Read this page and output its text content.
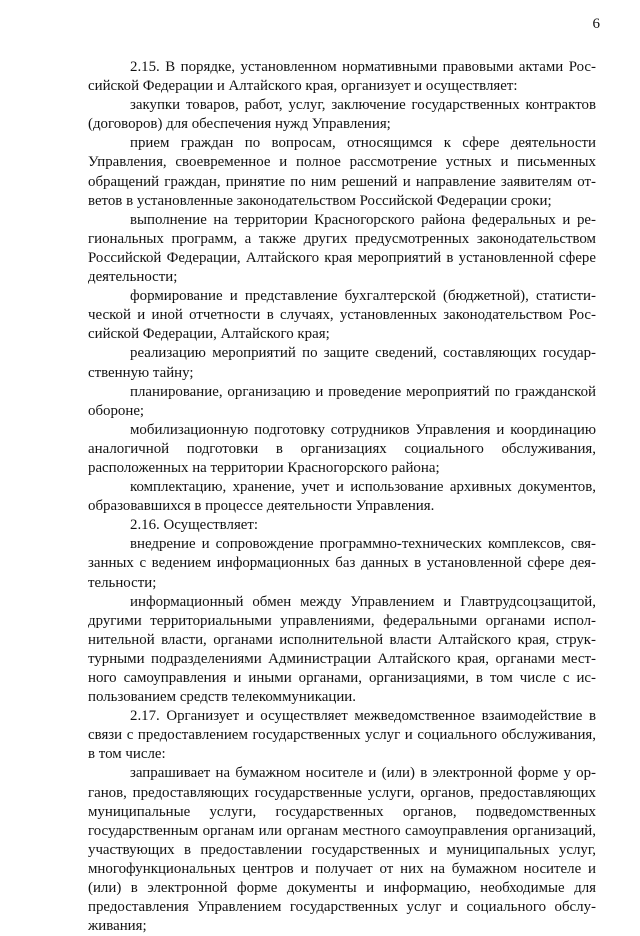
6

2.15. В порядке, установленном нормативными правовыми актами Российской Федерации и Алтайского края, организует и осуществляет:

закупки товаров, работ, услуг, заключение государственных контрактов (договоров) для обеспечения нужд Управления;

прием граждан по вопросам, относящимся к сфере деятельности Управления, своевременное и полное рассмотрение устных и письменных обращений граждан, принятие по ним решений и направление заявителям ответов в установленные законодательством Российской Федерации сроки;

выполнение на территории Красногорского района федеральных и региональных программ, а также других предусмотренных законодательством Российской Федерации, Алтайского края мероприятий в установленной сфере деятельности;

формирование и представление бухгалтерской (бюджетной), статистической и иной отчетности в случаях, установленных законодательством Российской Федерации, Алтайского края;

реализацию мероприятий по защите сведений, составляющих государственную тайну;

планирование, организацию и проведение мероприятий по гражданской обороне;

мобилизационную подготовку сотрудников Управления и координацию аналогичной подготовки в организациях социального обслуживания, расположенных на территории Красногорского района;

комплектацию, хранение, учет и использование архивных документов, образовавшихся в процессе деятельности Управления.

2.16. Осуществляет:

внедрение и сопровождение программно-технических комплексов, связанных с ведением информационных баз данных в установленной сфере деятельности;

информационный обмен между Управлением и Главтрудсоцзащитой, другими территориальными управлениями, федеральными органами исполнительной власти, органами исполнительной власти Алтайского края, структурными подразделениями Администрации Алтайского края, органами местного самоуправления и иными органами, организациями, в том числе с использованием средств телекоммуникации.

2.17. Организует и осуществляет межведомственное взаимодействие в связи с предоставлением государственных услуг и социального обслуживания, в том числе:

запрашивает на бумажном носителе и (или) в электронной форме у органов, предоставляющих государственные услуги, органов, предоставляющих муниципальные услуги, государственных органов, подведомственных государственным органам или органам местного самоуправления организаций, участвующих в предоставлении государственных и муниципальных услуг, многофункциональных центров и получает от них на бумажном носителе и (или) в электронной форме документы и информацию, необходимые для предоставления Управлением государственных услуг и социального обслуживания;
